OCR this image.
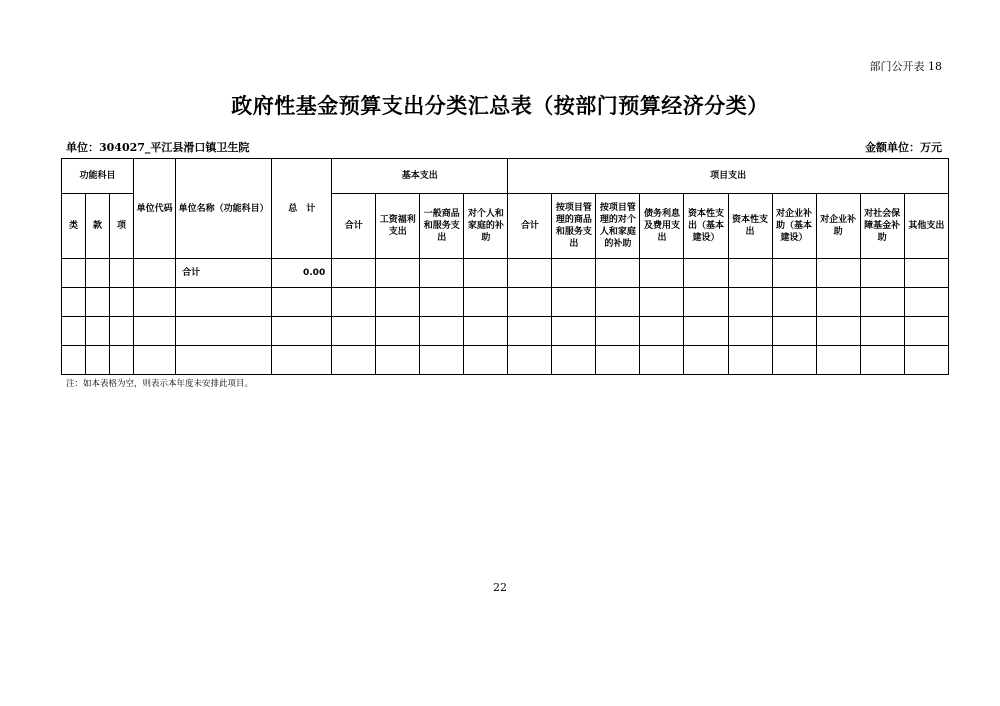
部门公开表 18
政府性基金预算支出分类汇总表（按部门预算经济分类）
单位：304027_平江县滑口镇卫生院	金额单位：万元
功能科目			单位代码	单位名称（功能科目）	总　计	基本支出				项目支出									
类	款	项				合计	工资福利支出	一般商品和服务支出	对个人和家庭的补助	合计	按项目管理的商品和服务支出	按项目管理的对个人和家庭的补助	债务利息及费用支出	资本性支出（基本建设）	资本性支出	对企业补助（基本建设）	对企业补助	对社会保障基金补助	其他支出
				合计	0.00														

注：如本表格为空，则表示本年度未安排此项目。
22
